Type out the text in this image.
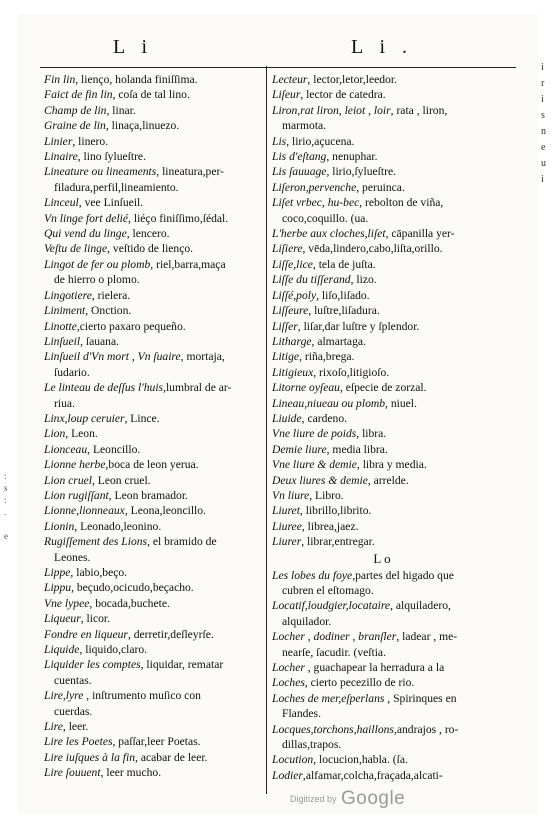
L i	L i .
Fin lin, lienço, holanda finiſſima.
Faict de fin lin, coſa de tal lino.
Champ de lin, linar.
Graine de lin, linaça,linuezo.
Linier, linero.
Linaire, lino ſylueſtre.
Lineature ou lineaments, lineatura,per-
filadura,perfil,lineamiento.
Linceul, vee Linſueil.
Vn linge fort delié, liéço finiſſimo,ſédal.
Qui vend du linge, lencero.
Veſtu de linge, veſtido de lienço.
Lingot de fer ou plomb, riel,barra,maça
de hierro o plomo.
Lingotiere, rielera.
Liniment, Onction.
Linotte,cierto paxaro pequeño.
Linſueil, ſauana.
Linſueil d'Vn mort , Vn ſuaire, mortaja,
ſudario.
Le linteau de deſſus l'huis,lumbral de ar-
riua.
Linx,loup ceruier, Lince.
Lion, Leon.
Lionceau, Leoncillo.
Lionne herbe,boca de leon yerua.
Lion cruel, Leon cruel.
Lion rugiſſant, Leon bramador.
Lionne,lionneaux, Leona,leoncillo.
Lionin, Leonado,leonino.
Rugiſſement des Lions, el bramido de
Leones.
Lippe, labio,beço.
Lippu, beçudo,ocicudo,beçacho.
Vne lypee, bocada,buchete.
Liqueur, licor.
Fondre en liqueur, derretir,deſleyrſe.
Liquide, liquido,claro.
Liquider les comptes, liquidar, rematar
cuentas.
Lire,lyre , inſtrumento muſico con
cuerdas.
Lire, leer.
Lire les Poetes, paſſar,leer Poetas.
Lire iuſques à la fin, acabar de leer.
Lire ſouuent, leer mucho.
Lecteur, lector,letor,leedor.
Liſeur, lector de catedra.
Liron,rat liron, leiot , loir, rata , liron,
marmota.
Lis, lirio,açucena.
Lis d'eſtang, nenuphar.
Lis ſauuage, lirio,ſylueſtre.
Liſeron,pervenche, peruinca.
Liſet vrbec, hu-bec, rebolton de viña,
coco,coquillo. (ua.
L'herbe aux cloches,liſet, cāpanilla yer-
Liſiere, vēda,lindero,cabo,liſta,orillo.
Liſſe,lice, tela de juſta.
Liſſe du tiſſerand, lizo.
Liſſé,poly, liſo,liſado.
Liſſeure, luſtre,liſadura.
Liſſer, liſar,dar luſtre y ſplendor.
Litharge, almartaga.
Litige, riña,brega.
Litigieux, rixoſo,litigioſo.
Litorne oyſeau, eſpecie de zorzal.
Lineau,niueau ou plomb, niuel.
Liuide, cardeno.
Vne liure de poids, libra.
Demie liure, media libra.
Vne liure & demie, libra y media.
Deux liures & demie, arrelde.
Vn liure, Libro.
Liuret, librillo,librito.
Liuree, librea,jaez.
Liurer, librar,entregar.
L o
Les lobes du foye,partes del higado que
cubren el eſtomago.
Locatif,loudgier,locataire, alquiladero,
alquilador.
Locher , dodiner , branſler, ladear , me-
nearſe, ſacudir. (veſtia.
Locher , guachapear la herradura a la
Loches, cierto pecezillo de rio.
Loches de mer,eſperlans , Spirinques en
Flandes.
Locques,torchons,haillons,andrajos , ro-
dillas,trapos.
Locution, locucion,habla. (ſa.
Lodier,alfamar,colcha,fraçada,alcati-
:
s
:
.

e
i
r
i
s
n
e
u
i
Digitized by Google
